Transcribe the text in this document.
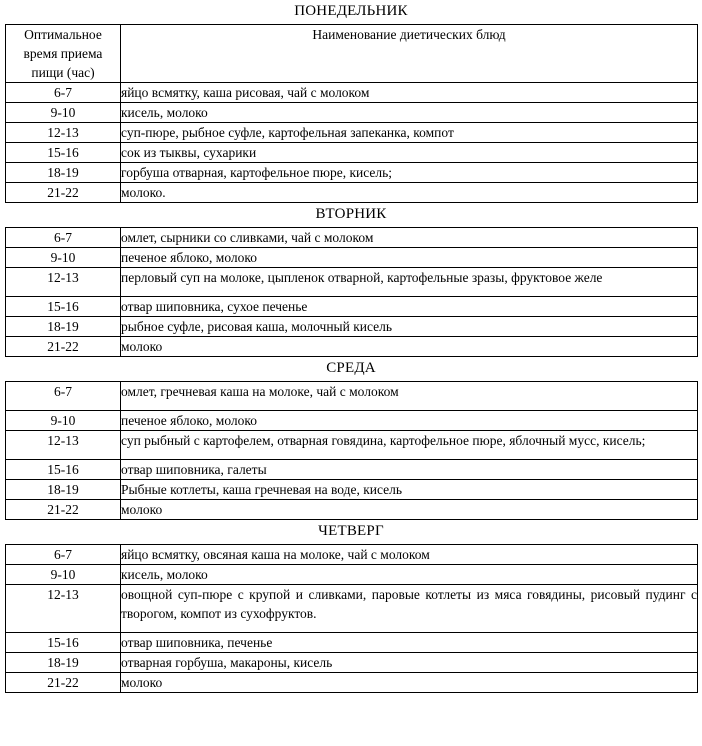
ПОНЕДЕЛЬНИК
Оптимальное время приема пищи (час)	Наименование диетических блюд
6-7	яйцо всмятку, каша рисовая, чай с молоком
9-10	кисель, молоко
12-13	суп-пюре, рыбное суфле, картофельная запеканка, компот
15-16	сок из тыквы, сухарики
18-19	горбуша отварная, картофельное пюре, кисель;
21-22	молоко.
ВТОРНИК
6-7	омлет, сырники со сливками, чай с молоком
9-10	печеное яблоко, молоко
12-13	перловый суп на молоке, цыпленок отварной, картофельные зразы, фруктовое желе
15-16	отвар шиповника, сухое печенье
18-19	рыбное суфле, рисовая каша, молочный кисель
21-22	молоко
СРЕДА
6-7	омлет, гречневая каша на молоке, чай с молоком
9-10	печеное яблоко, молоко
12-13	суп рыбный с картофелем, отварная говядина, картофельное пюре, яблочный мусс, кисель;
15-16	отвар шиповника, галеты
18-19	Рыбные котлеты, каша гречневая на воде, кисель
21-22	молоко
ЧЕТВЕРГ
6-7	яйцо всмятку, овсяная каша на молоке, чай с молоком
9-10	кисель, молоко
12-13	овощной суп-пюре с крупой и сливками, паровые котлеты из мяса говядины, рисовый пудинг с творогом, компот из сухофруктов.
15-16	отвар шиповника, печенье
18-19	отварная горбуша, макароны, кисель
21-22	молоко
